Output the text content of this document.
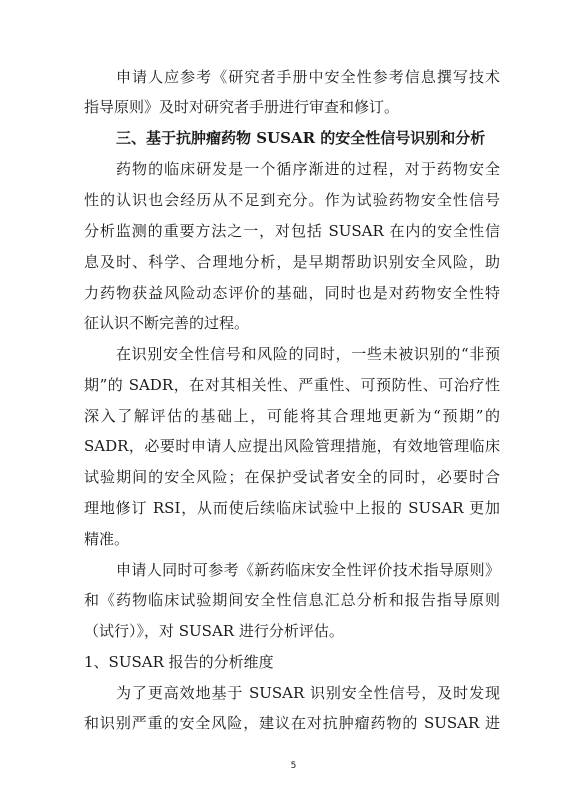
申请人应参考《研究者手册中安全性参考信息撰写技术
指导原则》及时对研究者手册进行审查和修订。
三、基于抗肿瘤药物 SUSAR 的安全性信号识别和分析
药物的临床研发是一个循序渐进的过程，对于药物安全
性的认识也会经历从不足到充分。作为试验药物安全性信号
分析监测的重要方法之一，对包括 SUSAR 在内的安全性信
息及时、科学、合理地分析，是早期帮助识别安全风险，助
力药物获益风险动态评价的基础，同时也是对药物安全性特
征认识不断完善的过程。
在识别安全性信号和风险的同时，一些未被识别的“非预
期”的 SADR，在对其相关性、严重性、可预防性、可治疗性
深入了解评估的基础上，可能将其合理地更新为“预期”的
SADR，必要时申请人应提出风险管理措施，有效地管理临床
试验期间的安全风险；在保护受试者安全的同时，必要时合
理地修订 RSI，从而使后续临床试验中上报的 SUSAR 更加
精准。
申请人同时可参考《新药临床安全性评价技术指导原则》
和《药物临床试验期间安全性信息汇总分析和报告指导原则
（试行）》，对 SUSAR 进行分析评估。
1、SUSAR 报告的分析维度
为了更高效地基于 SUSAR 识别安全性信号，及时发现
和识别严重的安全风险，建议在对抗肿瘤药物的 SUSAR 进
5
